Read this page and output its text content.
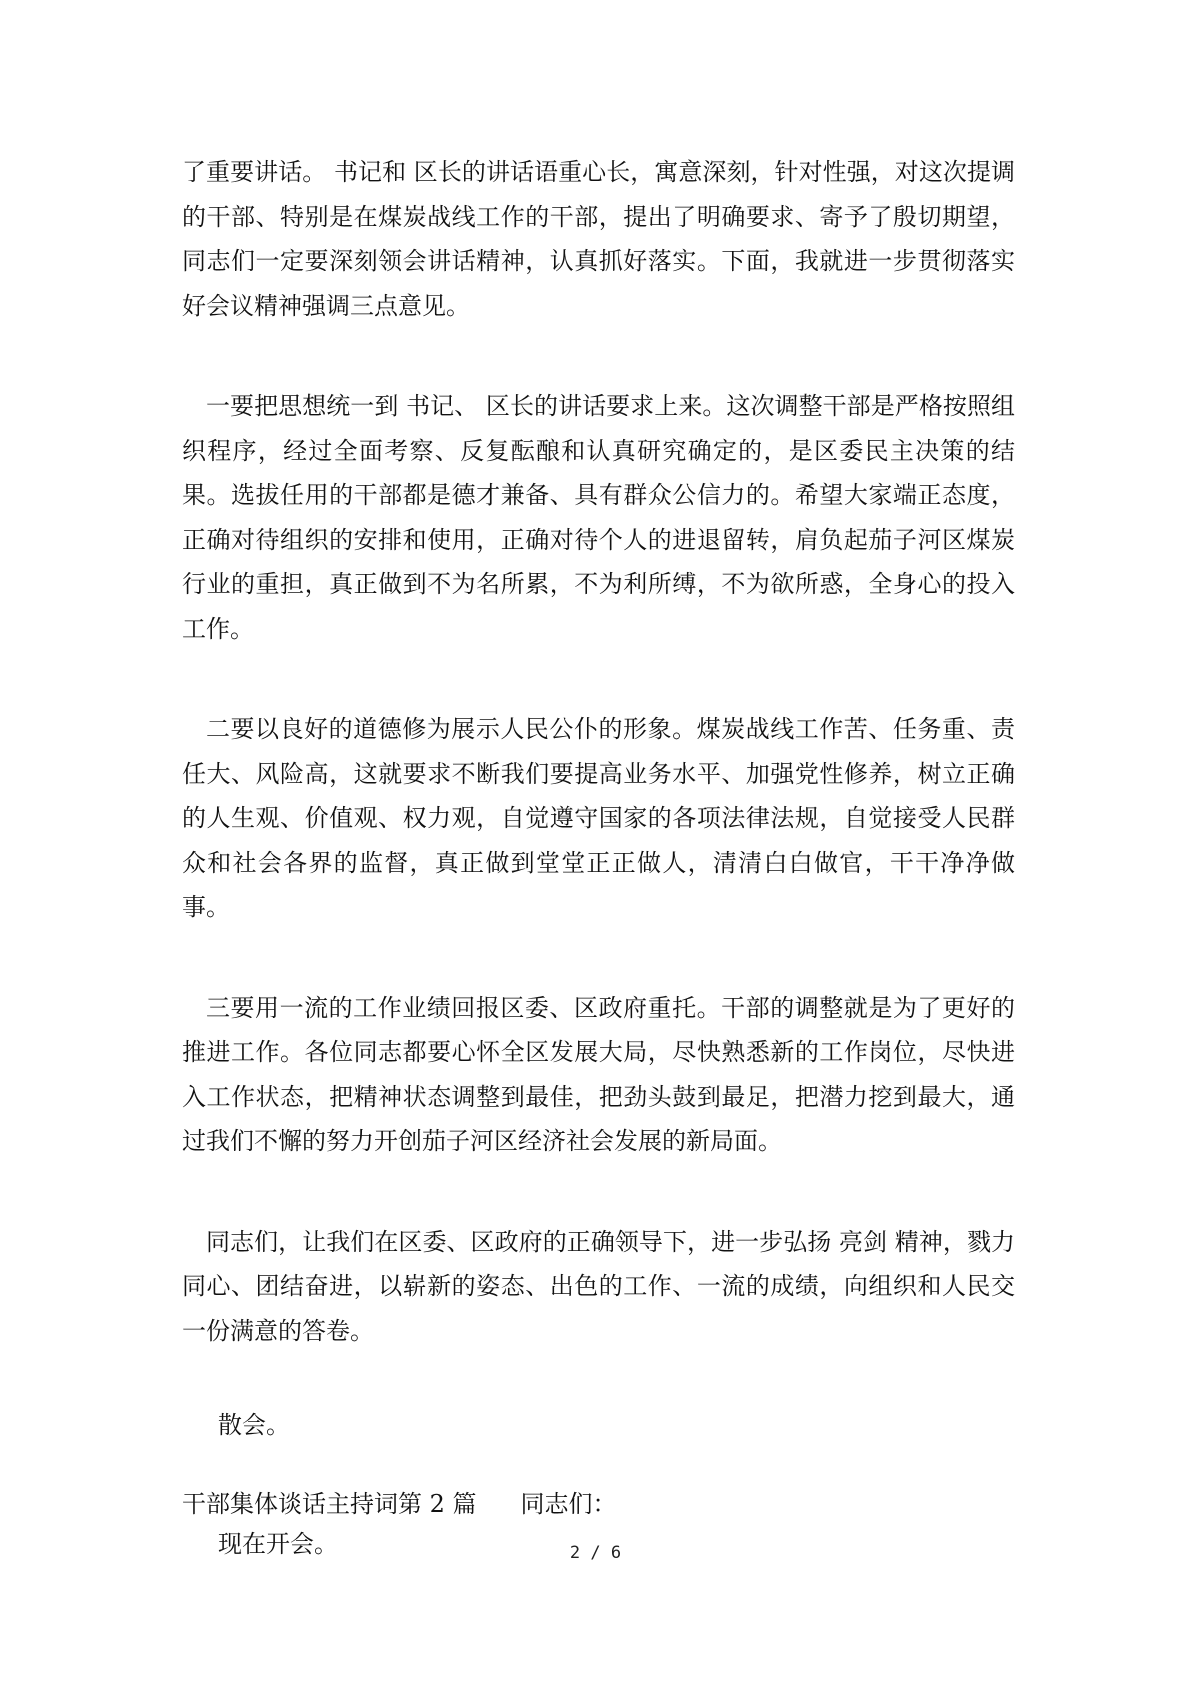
了重要讲话。 书记和 区长的讲话语重心长，寓意深刻，针对性强，对这次提调的干部、特别是在煤炭战线工作的干部，提出了明确要求、寄予了殷切期望，同志们一定要深刻领会讲话精神，认真抓好落实。下面，我就进一步贯彻落实好会议精神强调三点意见。

一要把思想统一到 书记、 区长的讲话要求上来。这次调整干部是严格按照组织程序，经过全面考察、反复酝酿和认真研究确定的，是区委民主决策的结果。选拔任用的干部都是德才兼备、具有群众公信力的。希望大家端正态度，正确对待组织的安排和使用，正确对待个人的进退留转，肩负起茄子河区煤炭行业的重担，真正做到不为名所累，不为利所缚，不为欲所惑，全身心的投入工作。

二要以良好的道德修为展示人民公仆的形象。煤炭战线工作苦、任务重、责任大、风险高，这就要求不断我们要提高业务水平、加强党性修养，树立正确的人生观、价值观、权力观，自觉遵守国家的各项法律法规，自觉接受人民群众和社会各界的监督，真正做到堂堂正正做人，清清白白做官，干干净净做事。

三要用一流的工作业绩回报区委、区政府重托。干部的调整就是为了更好的推进工作。各位同志都要心怀全区发展大局，尽快熟悉新的工作岗位，尽快进入工作状态，把精神状态调整到最佳，把劲头鼓到最足，把潜力挖到最大，通过我们不懈的努力开创茄子河区经济社会发展的新局面。

同志们，让我们在区委、区政府的正确领导下，进一步弘扬 亮剑 精神，戮力同心、团结奋进，以崭新的姿态、出色的工作、一流的成绩，向组织和人民交一份满意的答卷。

散会。

干部集体谈话主持词第 2 篇 同志们：

现在开会。	2 / 6
